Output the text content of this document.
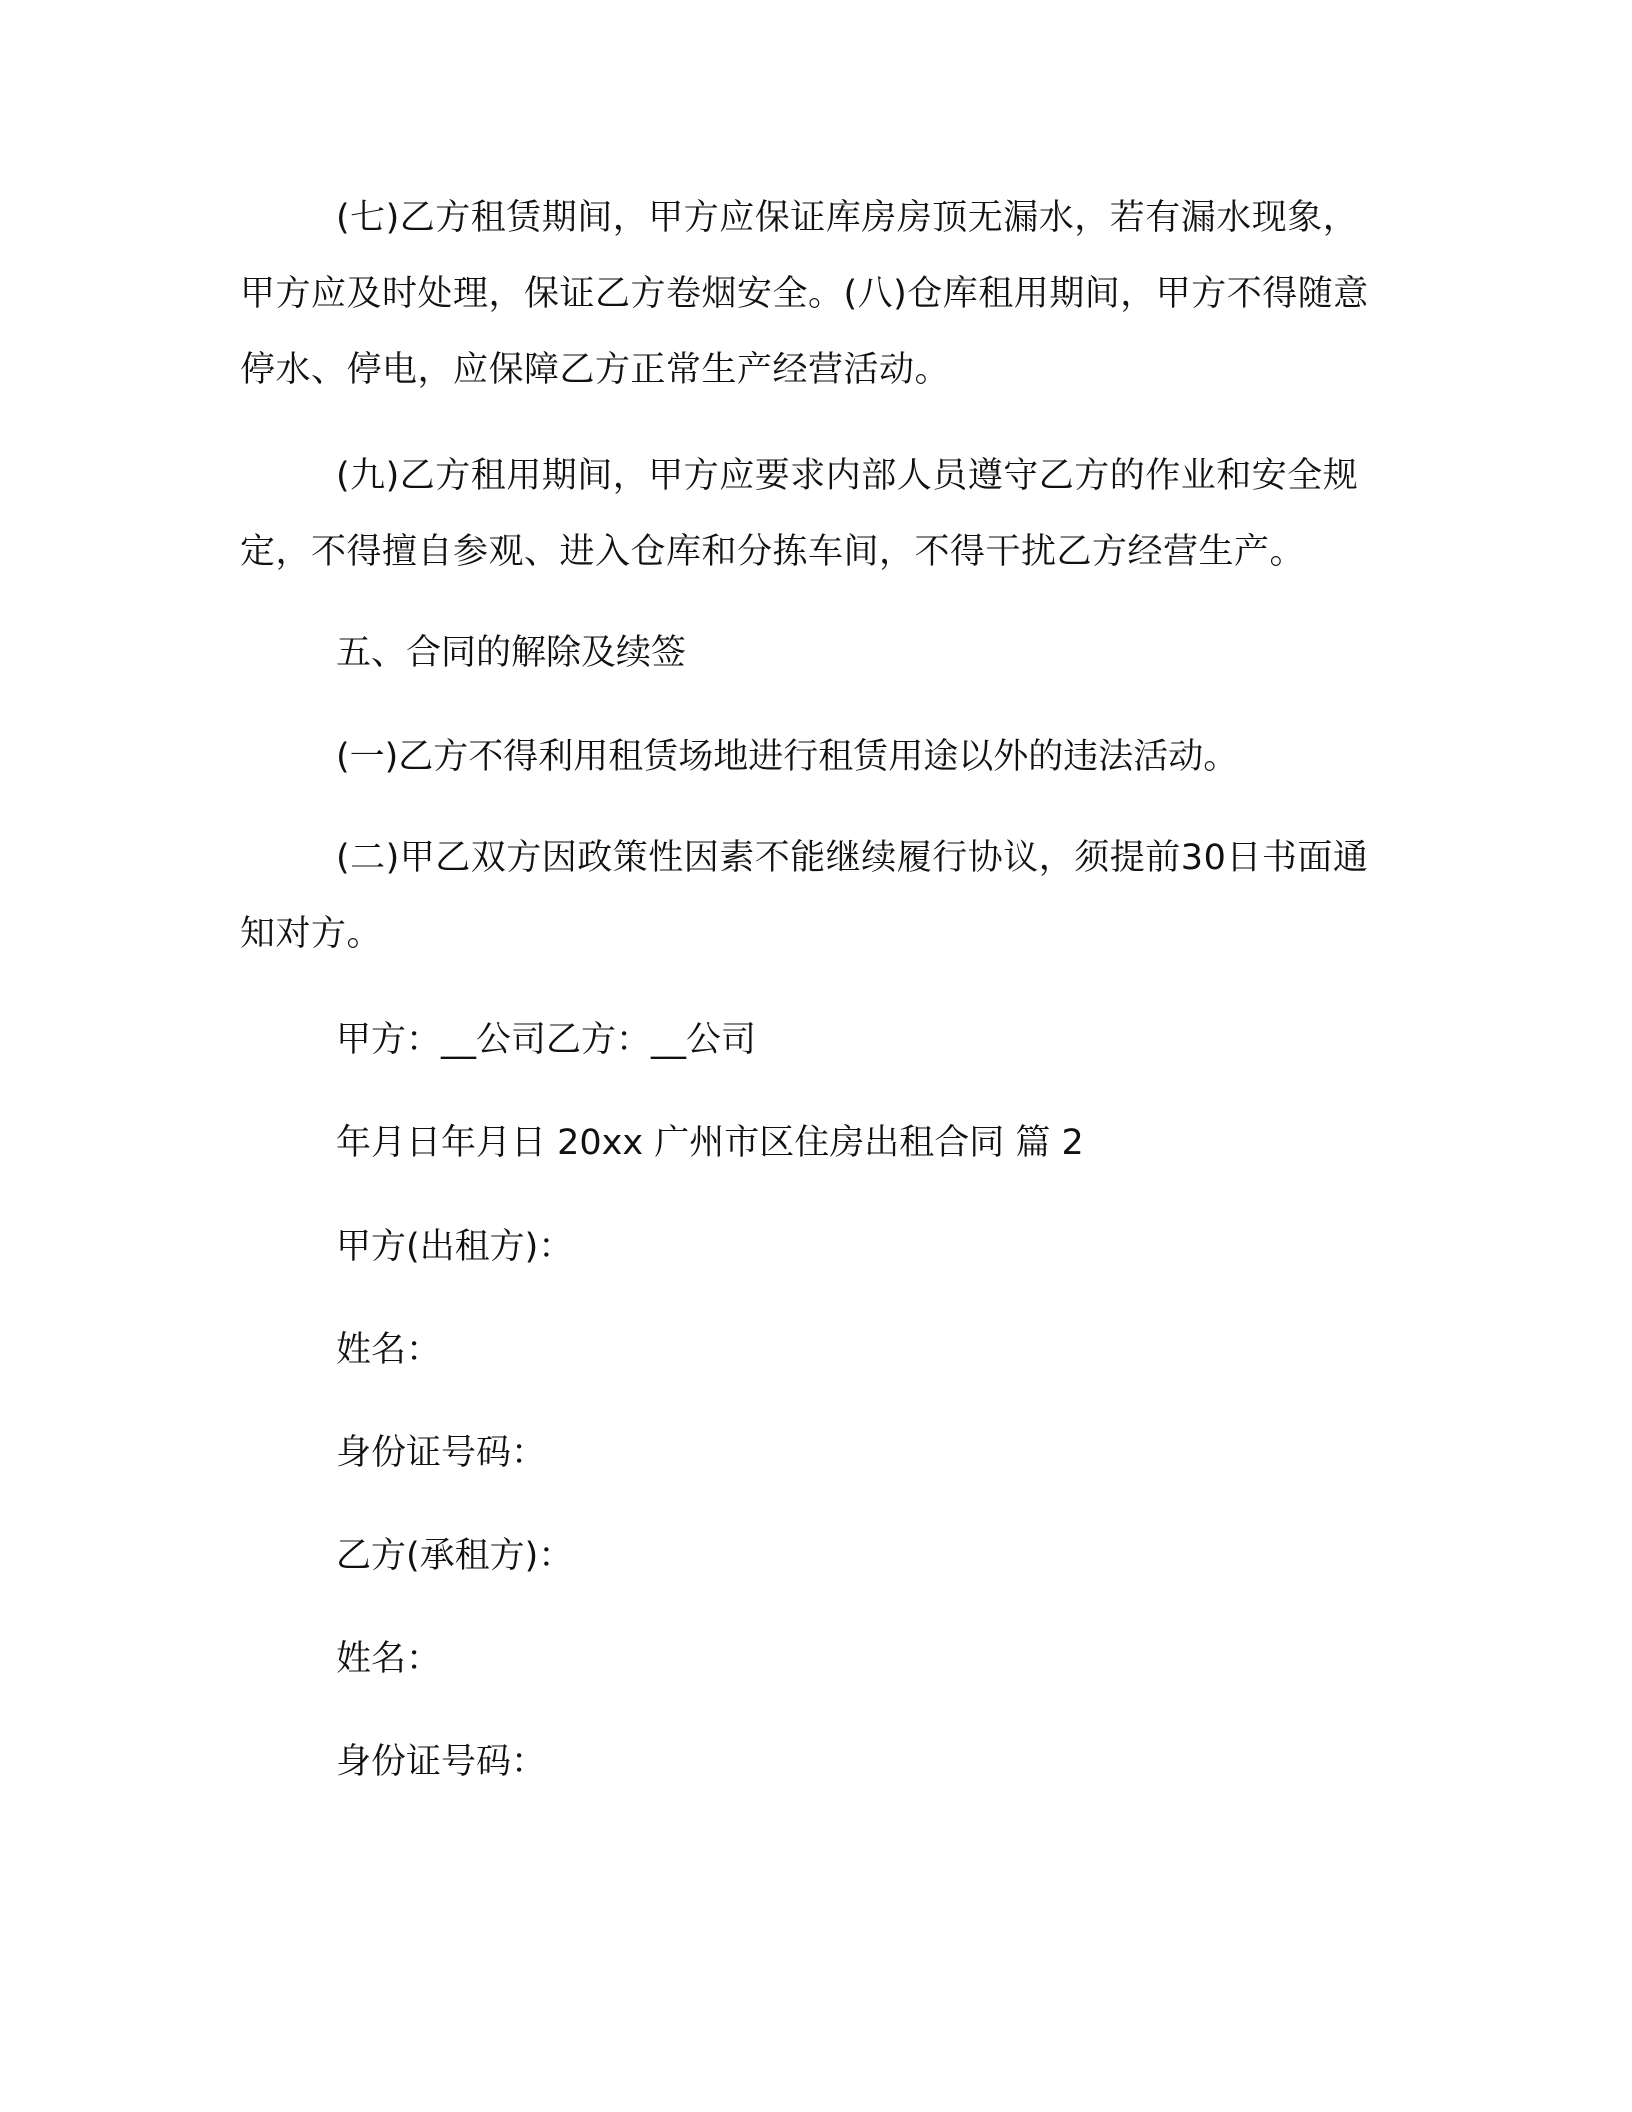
(七)乙方租赁期间，甲方应保证库房房顶无漏水，若有漏水现象，甲方应及时处理，保证乙方卷烟安全。(八)仓库租用期间，甲方不得随意停水、停电，应保障乙方正常生产经营活动。

(九)乙方租用期间，甲方应要求内部人员遵守乙方的作业和安全规定，不得擅自参观、进入仓库和分拣车间，不得干扰乙方经营生产。

五、合同的解除及续签

(一)乙方不得利用租赁场地进行租赁用途以外的违法活动。

(二)甲乙双方因政策性因素不能继续履行协议，须提前30日书面通知对方。

甲方：__公司乙方：__公司

年月日年月日 20xx 广州市区住房出租合同 篇 2

甲方(出租方)：

姓名：

身份证号码：

乙方(承租方)：

姓名：

身份证号码：
